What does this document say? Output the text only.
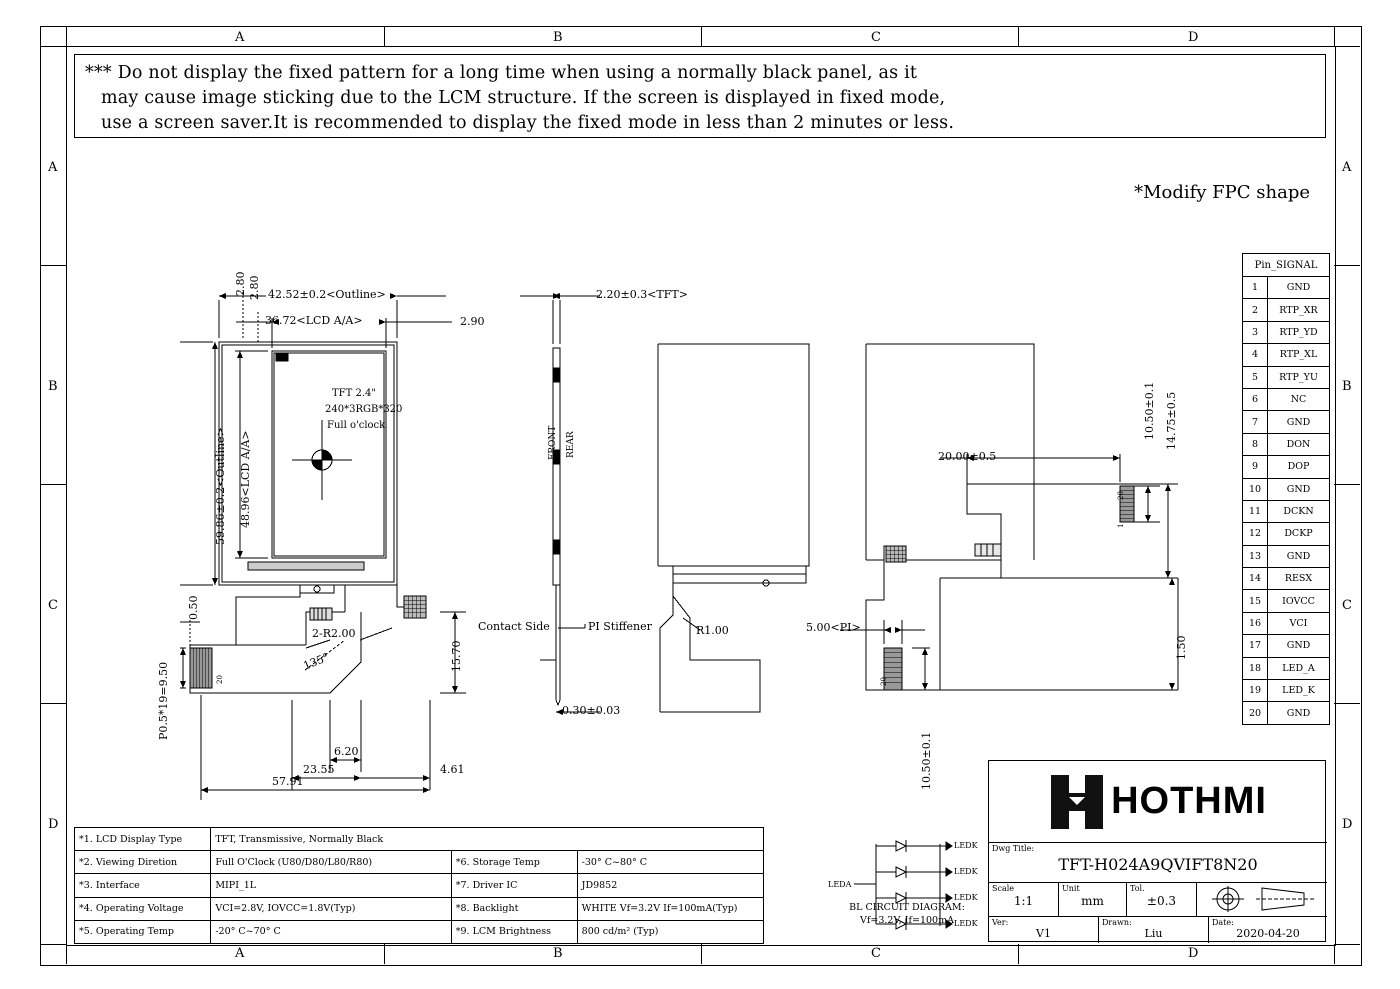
A	B	C	D
A	B	C	D
A
B
C
D
A
B
C
D
*** Do not display the fixed pattern for a long time when using a normally black panel, as it
may cause image sticking due to the LCM structure. If the screen is displayed in fixed mode,
use a screen saver.It is recommended to display the fixed mode in less than 2 minutes or less.
*Modify FPC shape
42.52±0.2<Outline>
36.72<LCD A/A>
2.80
2.80
2.90
59.86±0.2<Outline> 48.96<LCD A/A>
2.20±0.3<TFT>
0.30±0.03
FRONT REAR
PI Stiffener
Contact Side
0.50
P0.5*19=9.50
2-R2.00
135°
6.20
23.55	4.61
57.91
15.70
20
R1.00	5.00<PI>
10.50±0.1
20
20.00±0.5
10.50±0.1 14.75±0.5
1.50
20
1
TFT 2.4"
240*3RGB*320
Full o'clock
Pin_SIGNAL	
1	GND
2	RTP_XR
3	RTP_YD
4	RTP_XL
5	RTP_YU
6	NC
7	GND
8	DON
9	DOP
10	GND
11	DCKN
12	DCKP
13	GND
14	RESX
15	IOVCC
16	VCI
17	GND
18	LED_A
19	LED_K
20	GND
*1. LCD Display Type	TFT, Transmissive, Normally Black		
*2. Viewing Diretion	Full O'Clock (U80/D80/L80/R80)	*6. Storage Temp	-30° C~80° C
*3. Interface	MIPI_1L	*7. Driver IC	JD9852
*4. Operating Voltage	VCI=2.8V, IOVCC=1.8V(Typ)	*8. Backlight	WHITE Vf=3.2V If=100mA(Typ)
*5. Operating Temp	-20° C~70° C	*9. LCM Brightness	800 cd/m² (Typ)
LEDK
LEDK
LEDK
LEDK
LEDA
BL CIRCUIT DIAGRAM:
Vf=3.2V, If=100mA
HOTHMI
Dwg Title:
TFT-H024A9QVIFT8N20
Scale
1:1
Unit
mm
Tol.
±0.3
Ver:
V1
Drawn:
Liu
Date:
2020-04-20
